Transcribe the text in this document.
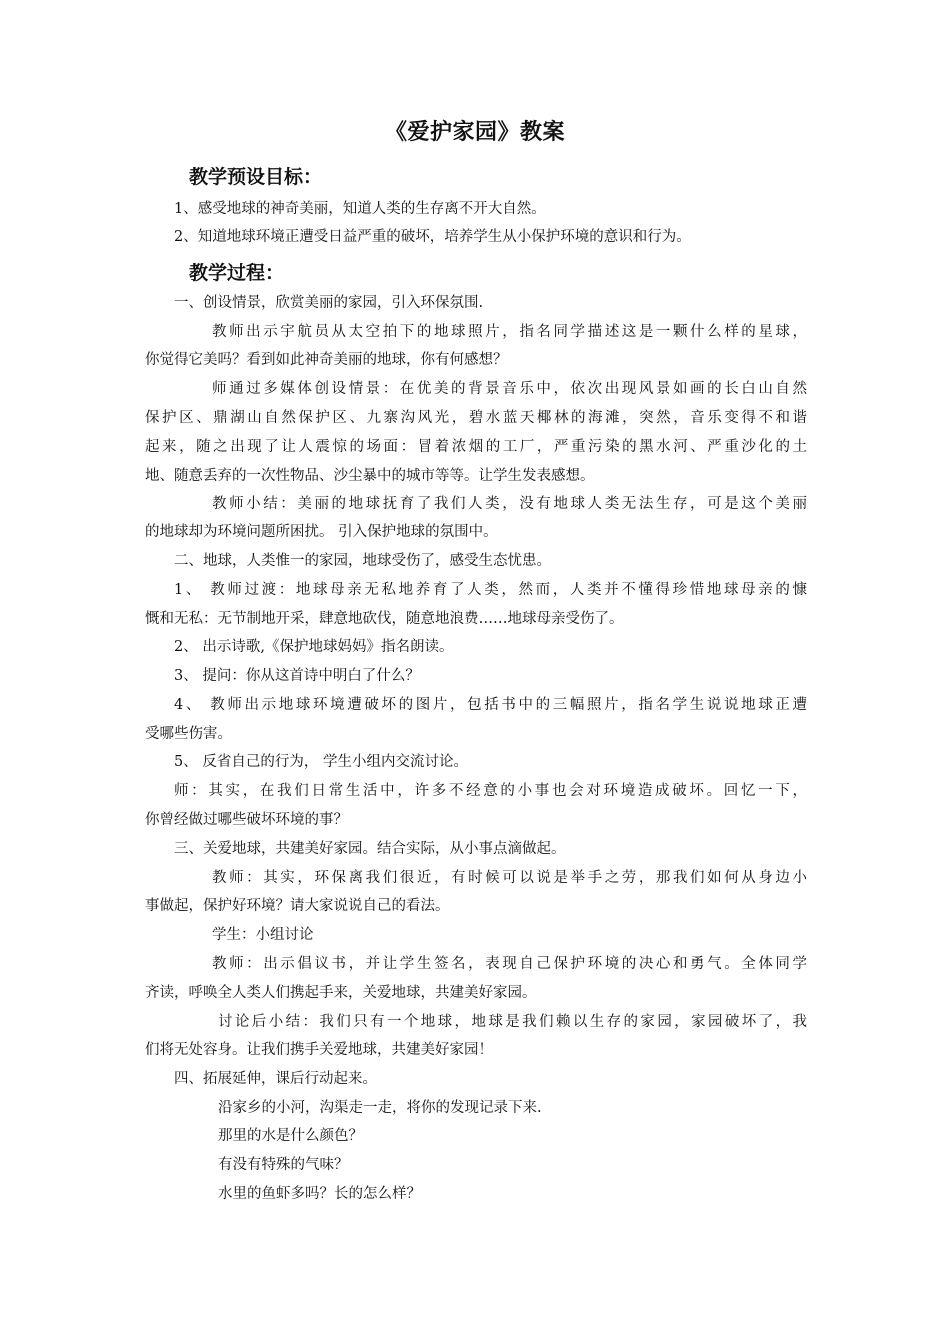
《爱护家园》教案
教学预设目标：
1、感受地球的神奇美丽，知道人类的生存离不开大自然。
2、知道地球环境正遭受日益严重的破坏，培养学生从小保护环境的意识和行为。
教学过程：
一、创设情景，欣赏美丽的家园，引入环保氛围.
教师出示宇航员从太空拍下的地球照片，指名同学描述这是一颗什么样的星球，
你觉得它美吗？看到如此神奇美丽的地球，你有何感想？
师通过多媒体创设情景：在优美的背景音乐中，依次出现风景如画的长白山自然
保护区、鼎湖山自然保护区、九寨沟风光，碧水蓝天椰林的海滩，突然，音乐变得不和谐
起来，随之出现了让人震惊的场面：冒着浓烟的工厂，严重污染的黑水河、严重沙化的土
地、随意丢弃的一次性物品、沙尘暴中的城市等等。让学生发表感想。
教师小结：美丽的地球抚育了我们人类，没有地球人类无法生存，可是这个美丽
的地球却为环境问题所困扰。 引入保护地球的氛围中。
二、地球，人类惟一的家园，地球受伤了，感受生态忧患。
1、 教师过渡：地球母亲无私地养育了人类，然而，人类并不懂得珍惜地球母亲的慷
慨和无私：无节制地开采，肆意地砍伐，随意地浪费……地球母亲受伤了。
2、 出示诗歌,《保护地球妈妈》指名朗读。
3、 提问：你从这首诗中明白了什么？
4、 教师出示地球环境遭破坏的图片，包括书中的三幅照片，指名学生说说地球正遭
受哪些伤害。
5、 反省自己的行为， 学生小组内交流讨论。
师：其实，在我们日常生活中，许多不经意的小事也会对环境造成破坏。回忆一下，
你曾经做过哪些破坏环境的事？
三、关爱地球，共建美好家园。结合实际，从小事点滴做起。
教师：其实，环保离我们很近，有时候可以说是举手之劳，那我们如何从身边小
事做起，保护好环境？请大家说说自己的看法。
学生：小组讨论
教师：出示倡议书，并让学生签名，表现自己保护环境的决心和勇气。全体同学
齐读，呼唤全人类人们携起手来，关爱地球，共建美好家园。
讨论后小结：我们只有一个地球，地球是我们赖以生存的家园，家园破坏了，我
们将无处容身。让我们携手关爱地球，共建美好家园！
四、拓展延伸，课后行动起来。
沿家乡的小河，沟渠走一走，将你的发现记录下来.
那里的水是什么颜色？
有没有特殊的气味？
水里的鱼虾多吗？长的怎么样？
